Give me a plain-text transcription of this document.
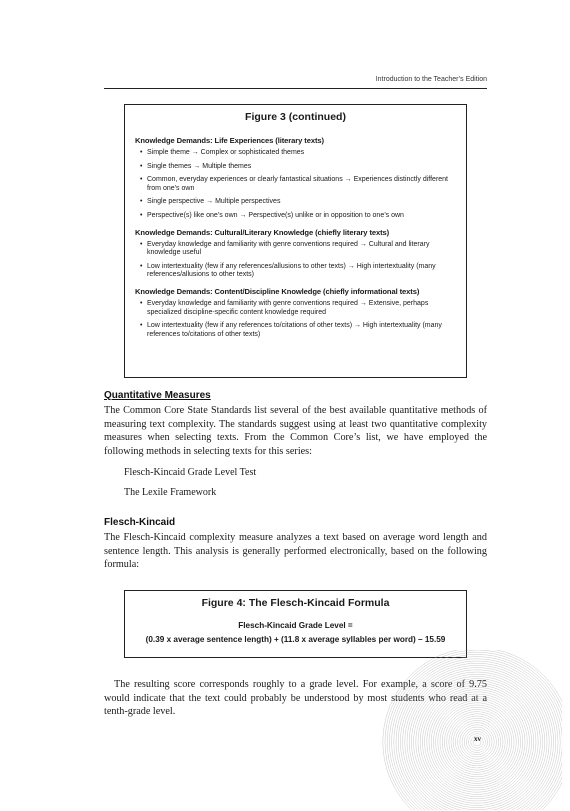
Introduction to the Teacher’s Edition
Figure 3 (continued)
Knowledge Demands: Life Experiences (literary texts)
• Simple theme → Complex or sophisticated themes
• Single themes → Multiple themes
• Common, everyday experiences or clearly fantastical situations → Experiences distinctly different from one’s own
• Single perspective → Multiple perspectives
• Perspective(s) like one’s own → Perspective(s) unlike or in opposition to one’s own
Knowledge Demands: Cultural/Literary Knowledge (chiefly literary texts)
• Everyday knowledge and familiarity with genre conventions required → Cultural and literary knowledge useful
• Low intertextuality (few if any references/allusions to other texts) → High intertextuality (many references/allusions to other texts)
Knowledge Demands: Content/Discipline Knowledge (chiefly informational texts)
• Everyday knowledge and familiarity with genre conventions required → Extensive, perhaps specialized discipline-specific content knowledge required
• Low intertextuality (few if any references to/citations of other texts) → High intertextuality (many references to/citations of other texts)
Quantitative Measures

The Common Core State Standards list several of the best available quantitative methods of measuring text complexity. The standards suggest using at least two quantitative complexity measures when selecting texts. From the Common Core’s list, we have employed the following methods in selecting texts for this series:

Flesch-Kincaid Grade Level Test
The Lexile Framework
Flesch-Kincaid

The Flesch-Kincaid complexity measure analyzes a text based on average word length and sentence length. This analysis is generally performed electronically, based on the following formula:

Figure 4: The Flesch-Kincaid Formula
Flesch-Kincaid Grade Level =
(0.39 x average sentence length) + (11.8 x average syllables per word) – 15.59

The resulting score corresponds roughly to a grade level. For example, a score of 9.75 would indicate that the text could probably be understood by most students who read at a tenth-grade level.

xv
